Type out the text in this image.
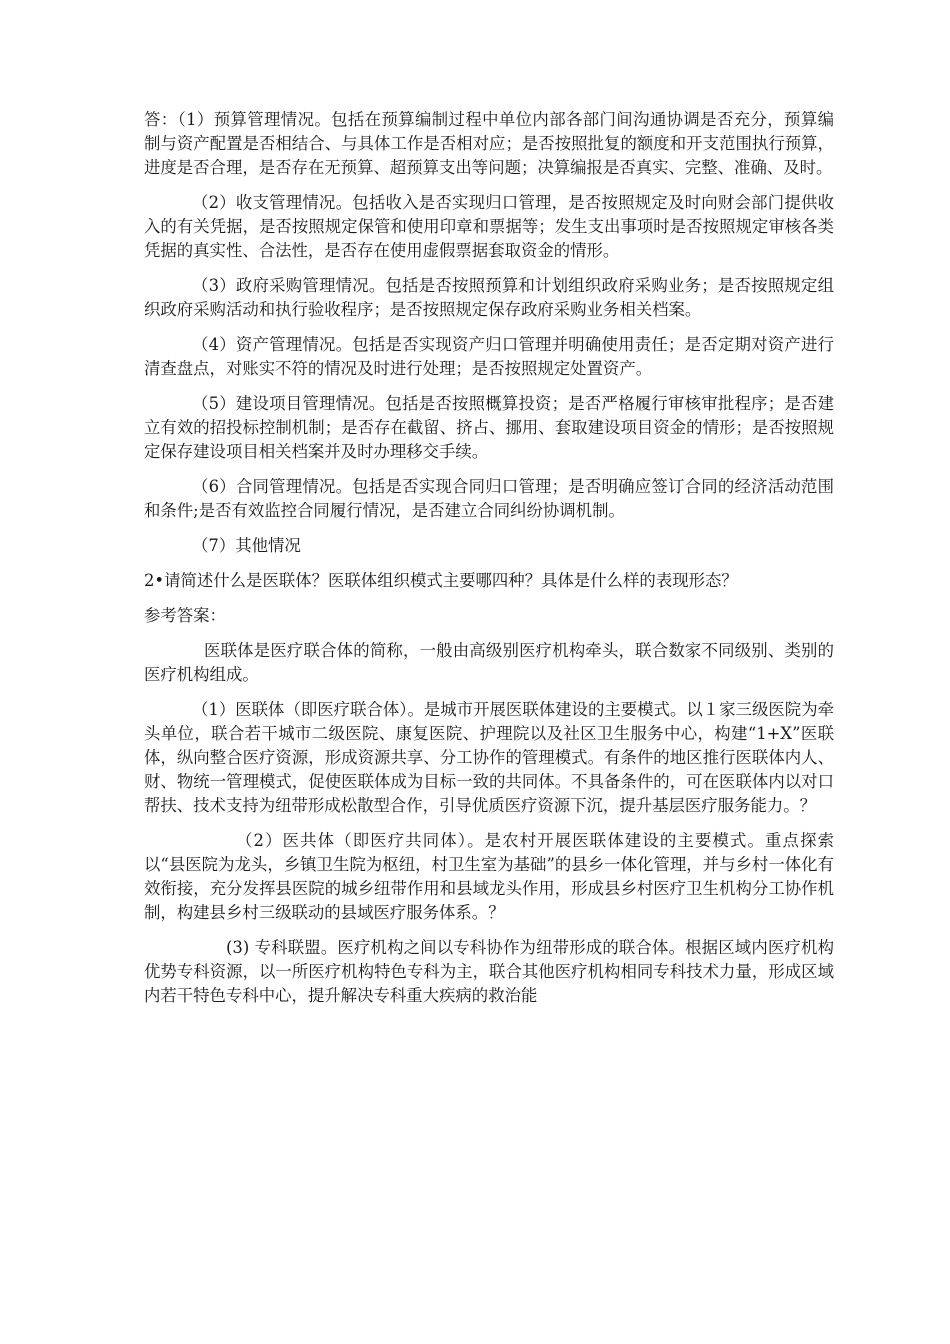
答：（1）预算管理情况。包括在预算编制过程中单位内部各部门间沟通协调是否充分，预算编制与资产配置是否相结合、与具体工作是否相对应；是否按照批复的额度和开支范围执行预算，进度是否合理，是否存在无预算、超预算支出等问题；决算编报是否真实、完整、准确、及时。

（2）收支管理情况。包括收入是否实现归口管理，是否按照规定及时向财会部门提供收入的有关凭据，是否按照规定保管和使用印章和票据等；发生支出事项时是否按照规定审核各类凭据的真实性、合法性，是否存在使用虚假票据套取资金的情形。

（3）政府采购管理情况。包括是否按照预算和计划组织政府采购业务；是否按照规定组织政府采购活动和执行验收程序；是否按照规定保存政府采购业务相关档案。

（4）资产管理情况。包括是否实现资产归口管理并明确使用责任；是否定期对资产进行清查盘点，对账实不符的情况及时进行处理；是否按照规定处置资产。

（5）建设项目管理情况。包括是否按照概算投资；是否严格履行审核审批程序；是否建立有效的招投标控制机制；是否存在截留、挤占、挪用、套取建设项目资金的情形；是否按照规定保存建设项目相关档案并及时办理移交手续。

（6）合同管理情况。包括是否实现合同归口管理；是否明确应签订合同的经济活动范围和条件;是否有效监控合同履行情况，是否建立合同纠纷协调机制。

（7）其他情况

2•请简述什么是医联体？医联体组织模式主要哪四种？具体是什么样的表现形态？

参考答案：

医联体是医疗联合体的简称，一般由高级别医疗机构牵头，联合数家不同级别、类别的医疗机构组成。

（1）医联体（即医疗联合体）。是城市开展医联体建设的主要模式。以１家三级医院为牵头单位，联合若干城市二级医院、康复医院、护理院以及社区卫生服务中心，构建“1+X”医联体，纵向整合医疗资源，形成资源共享、分工协作的管理模式。有条件的地区推行医联体内人、财、物统一管理模式，促使医联体成为目标一致的共同体。不具备条件的，可在医联体内以对口帮扶、技术支持为纽带形成松散型合作，引导优质医疗资源下沉，提升基层医疗服务能力。？

（2）医共体（即医疗共同体）。是农村开展医联体建设的主要模式。重点探索以“县医院为龙头，乡镇卫生院为枢纽，村卫生室为基础”的县乡一体化管理，并与乡村一体化有效衔接，充分发挥县医院的城乡纽带作用和县域龙头作用，形成县乡村医疗卫生机构分工协作机制，构建县乡村三级联动的县域医疗服务体系。？

(3) 专科联盟。医疗机构之间以专科协作为纽带形成的联合体。根据区域内医疗机构优势专科资源，以一所医疗机构特色专科为主，联合其他医疗机构相同专科技术力量，形成区域内若干特色专科中心，提升解决专科重大疾病的救治能
